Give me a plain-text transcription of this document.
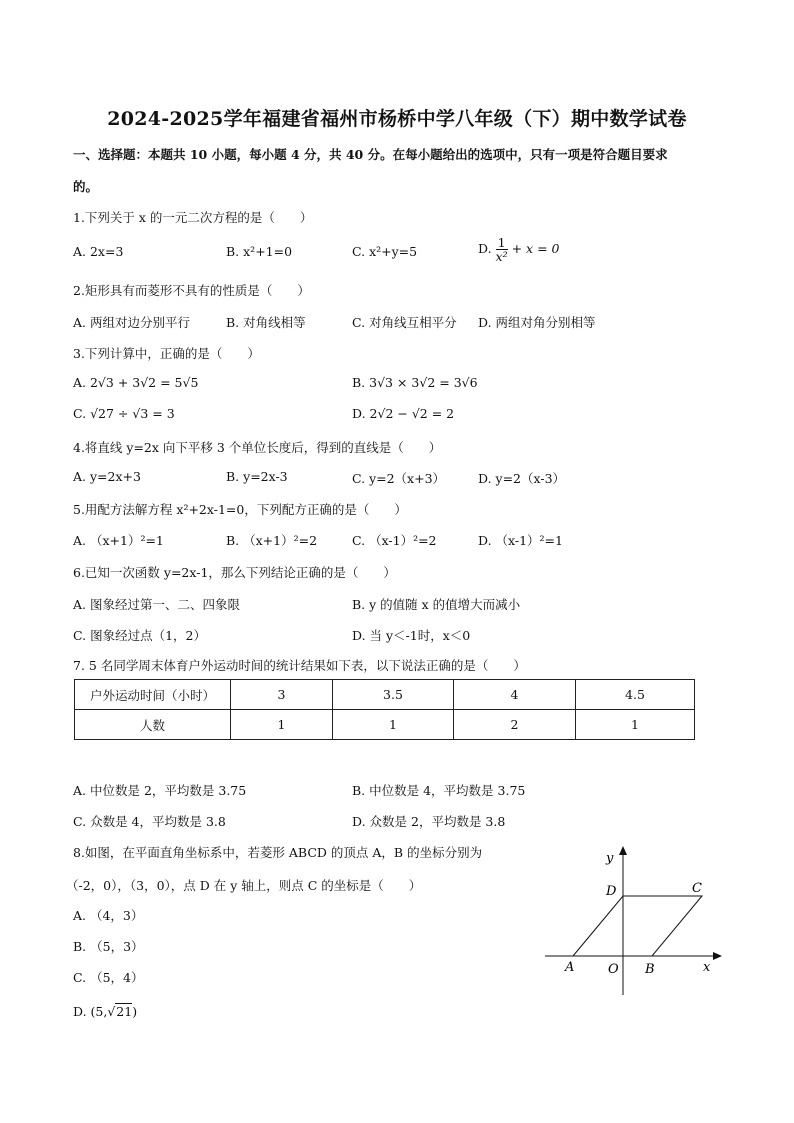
2024-2025学年福建省福州市杨桥中学八年级（下）期中数学试卷
一、选择题：本题共 10 小题，每小题 4 分，共 40 分。在每小题给出的选项中，只有一项是符合题目要求
的。
1.下列关于 x 的一元二次方程的是（　　）
A. 2x=3	B. x²+1=0	C. x²+y=5	D. $\frac{1}{\text{x²}} + x = 0$
2.矩形具有而菱形不具有的性质是（　　）
A. 两组对边分别平行	B. 对角线相等	C. 对角线互相平分 D. 两组对角分别相等
3.下列计算中，正确的是（　　）
A. 2√3 + 3√2 = 5√5	B. 3√3 × 3√2 = 3√6
C. √27 ÷ √3 = 3	D. 2√2 − √2 = 2
4.将直线 y=2x 向下平移 3 个单位长度后，得到的直线是（　　）
A. y=2x+3	B. y=2x-3	C. y=2（x+3）	D. y=2（x-3）
5.用配方法解方程 x²+2x-1=0，下列配方正确的是（　　）
A. （x+1）²=1	B. （x+1）²=2	C. （x-1）²=2	D. （x-1）²=1
6.已知一次函数 y=2x-1，那么下列结论正确的是（　　）
A. 图象经过第一、二、四象限	B. y 的值随 x 的值增大而减小
C. 图象经过点（1，2）	D. 当 y＜-1时，x＜0
7. 5 名同学周末体育户外运动时间的统计结果如下表，以下说法正确的是（　　）
户外运动时间（小时）	3	3.5	4	4.5
人数	1	1	2	1
A. 中位数是 2，平均数是 3.75	B. 中位数是 4，平均数是 3.75
C. 众数是 4，平均数是 3.8	D. 众数是 2，平均数是 3.8
8.如图，在平面直角坐标系中，若菱形 ABCD 的顶点 A，B 的坐标分别为
（-2，0），（3，0），点 D 在 y 轴上，则点 C 的坐标是（　　）
A. （4，3）
B. （5，3）
C. （5，4）
D. (5,√21)
y
x
D	C
A	O B
